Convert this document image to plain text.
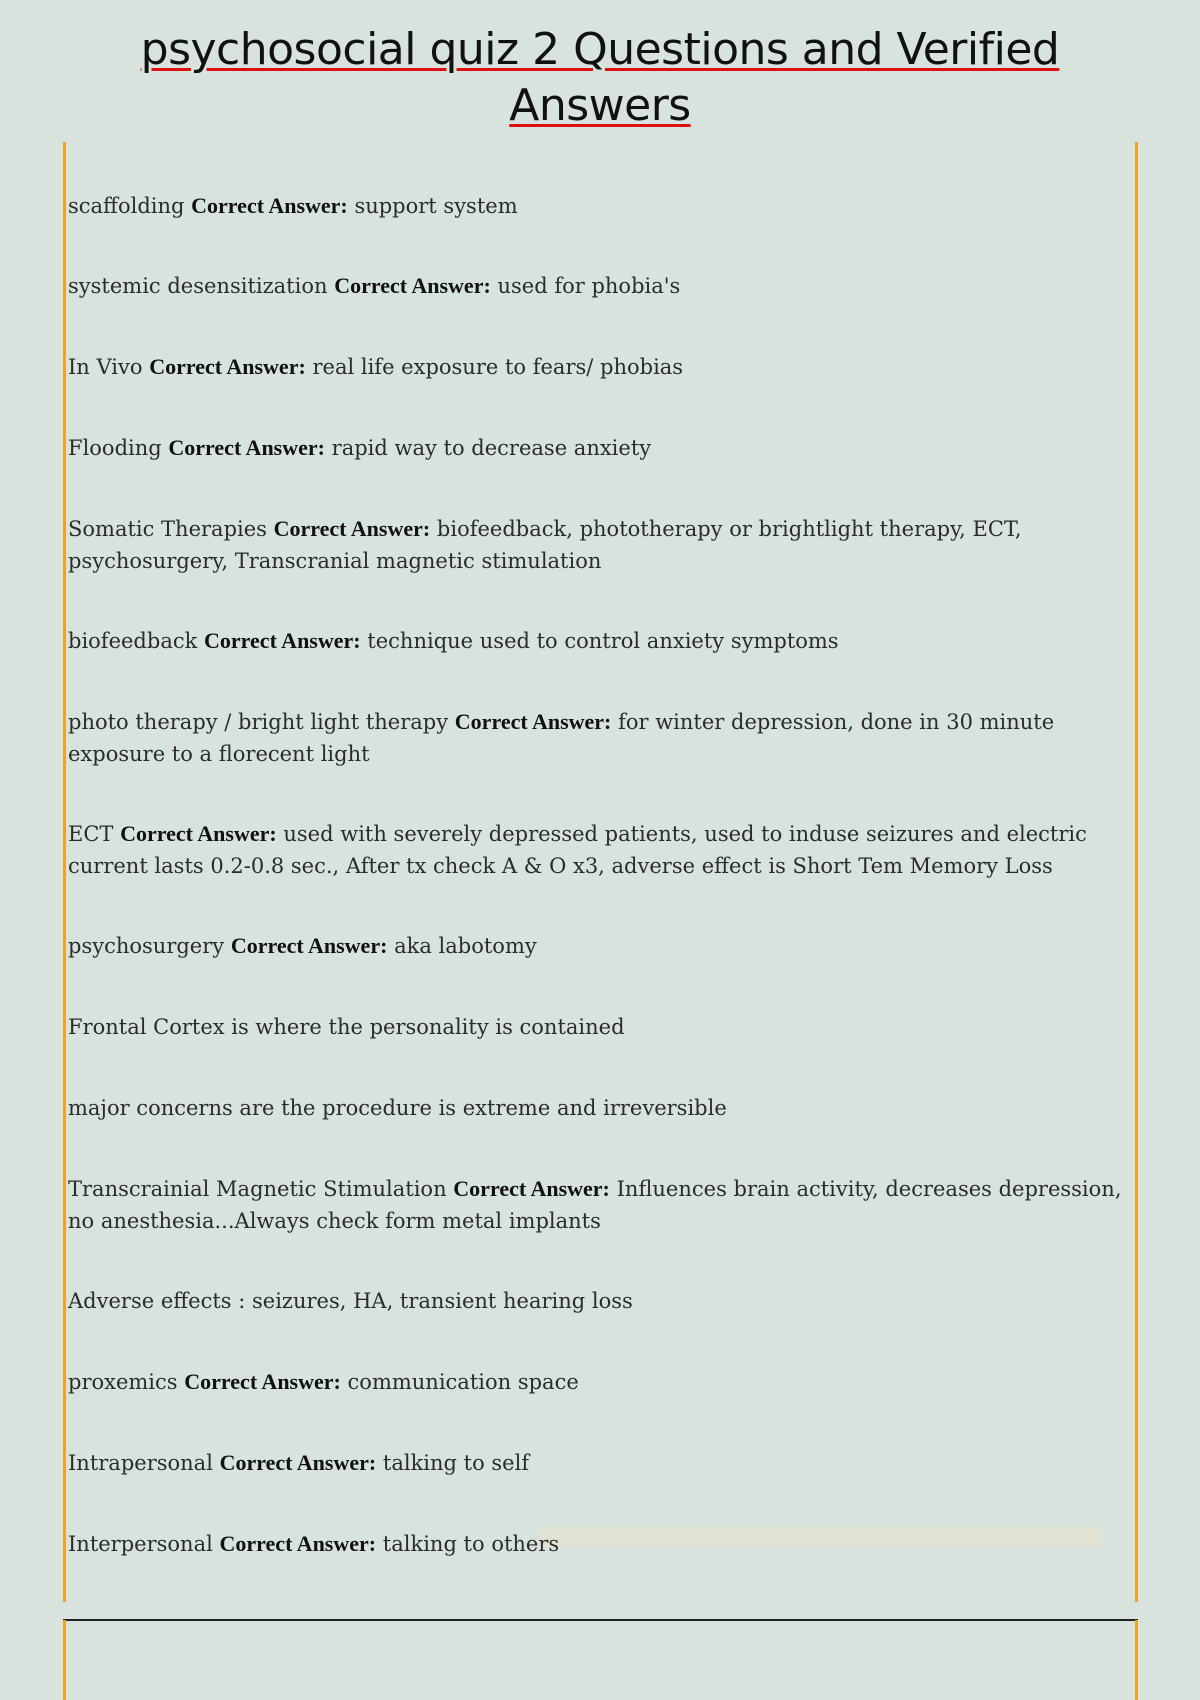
psychosocial quiz 2 Questions and Verified
Answers
scaffolding Correct Answer: support system
systemic desensitization Correct Answer: used for phobia's
In Vivo Correct Answer: real life exposure to fears/ phobias
Flooding Correct Answer: rapid way to decrease anxiety
Somatic Therapies Correct Answer: biofeedback, phototherapy or brightlight therapy, ECT, psychosurgery, Transcranial magnetic stimulation
biofeedback Correct Answer: technique used to control anxiety symptoms
photo therapy / bright light therapy Correct Answer: for winter depression, done in 30 minute exposure to a florecent light
ECT Correct Answer: used with severely depressed patients, used to induse seizures and electric current lasts 0.2-0.8 sec., After tx check A & O x3, adverse effect is Short Tem Memory Loss
psychosurgery Correct Answer: aka labotomy
Frontal Cortex is where the personality is contained
major concerns are the procedure is extreme and irreversible
Transcrainial Magnetic Stimulation Correct Answer: Influences brain activity, decreases depression, no anesthesia...Always check form metal implants
Adverse effects : seizures, HA, transient hearing loss
proxemics Correct Answer: communication space
Intrapersonal Correct Answer: talking to self
Interpersonal Correct Answer: talking to others
